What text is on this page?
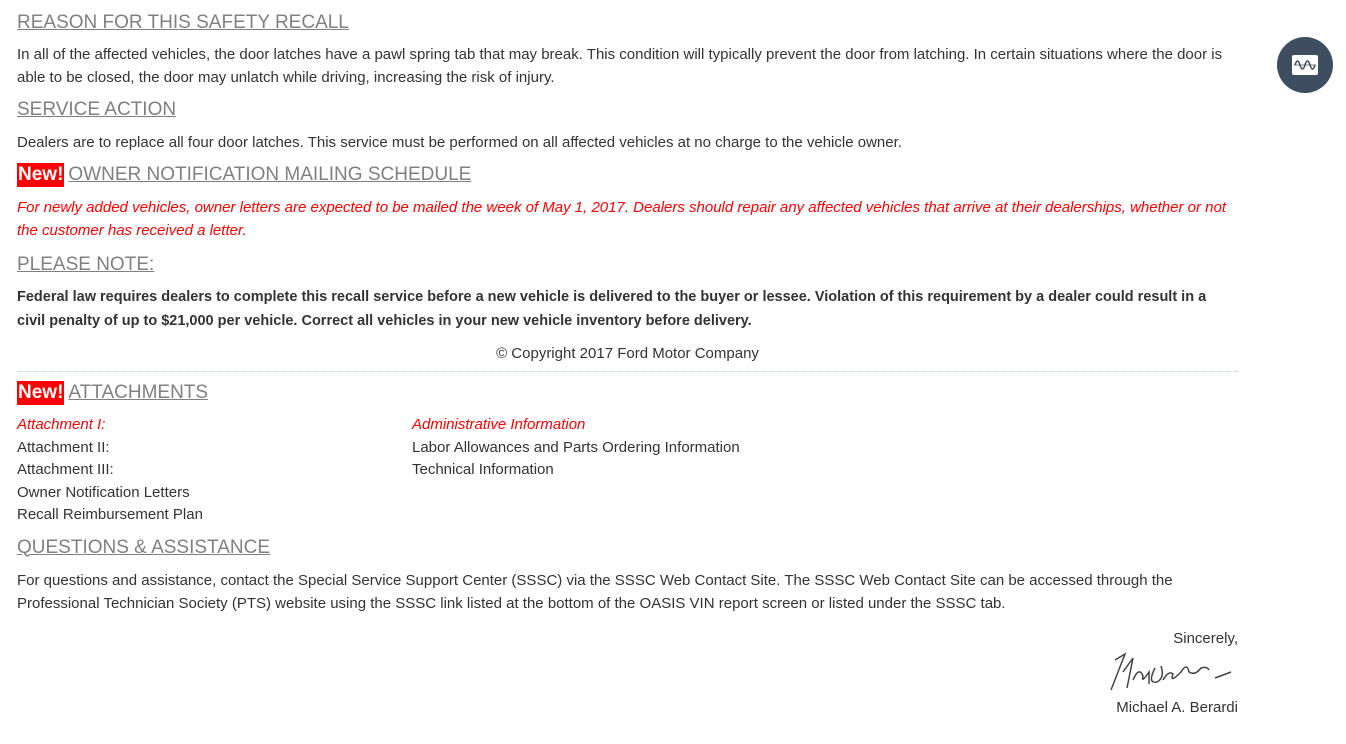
REASON FOR THIS SAFETY RECALL

In all of the affected vehicles, the door latches have a pawl spring tab that may break. This condition will typically prevent the door from latching. In certain situations where the door is able to be closed, the door may unlatch while driving, increasing the risk of injury.

SERVICE ACTION

Dealers are to replace all four door latches. This service must be performed on all affected vehicles at no charge to the vehicle owner.

New! OWNER NOTIFICATION MAILING SCHEDULE

For newly added vehicles, owner letters are expected to be mailed the week of May 1, 2017. Dealers should repair any affected vehicles that arrive at their dealerships, whether or not the customer has received a letter.

PLEASE NOTE:

Federal law requires dealers to complete this recall service before a new vehicle is delivered to the buyer or lessee. Violation of this requirement by a dealer could result in a civil penalty of up to $21,000 per vehicle. Correct all vehicles in your new vehicle inventory before delivery.

© Copyright 2017 Ford Motor Company

New! ATTACHMENTS
Attachment I:
Attachment II:
Attachment III:
Owner Notification Letters
Recall Reimbursement Plan
Administrative Information
Labor Allowances and Parts Ordering Information
Technical Information
QUESTIONS & ASSISTANCE

For questions and assistance, contact the Special Service Support Center (SSSC) via the SSSC Web Contact Site. The SSSC Web Contact Site can be accessed through the Professional Technician Society (PTS) website using the SSSC link listed at the bottom of the OASIS VIN report screen or listed under the SSSC tab.

Sincerely,

Michael A. Berardi
